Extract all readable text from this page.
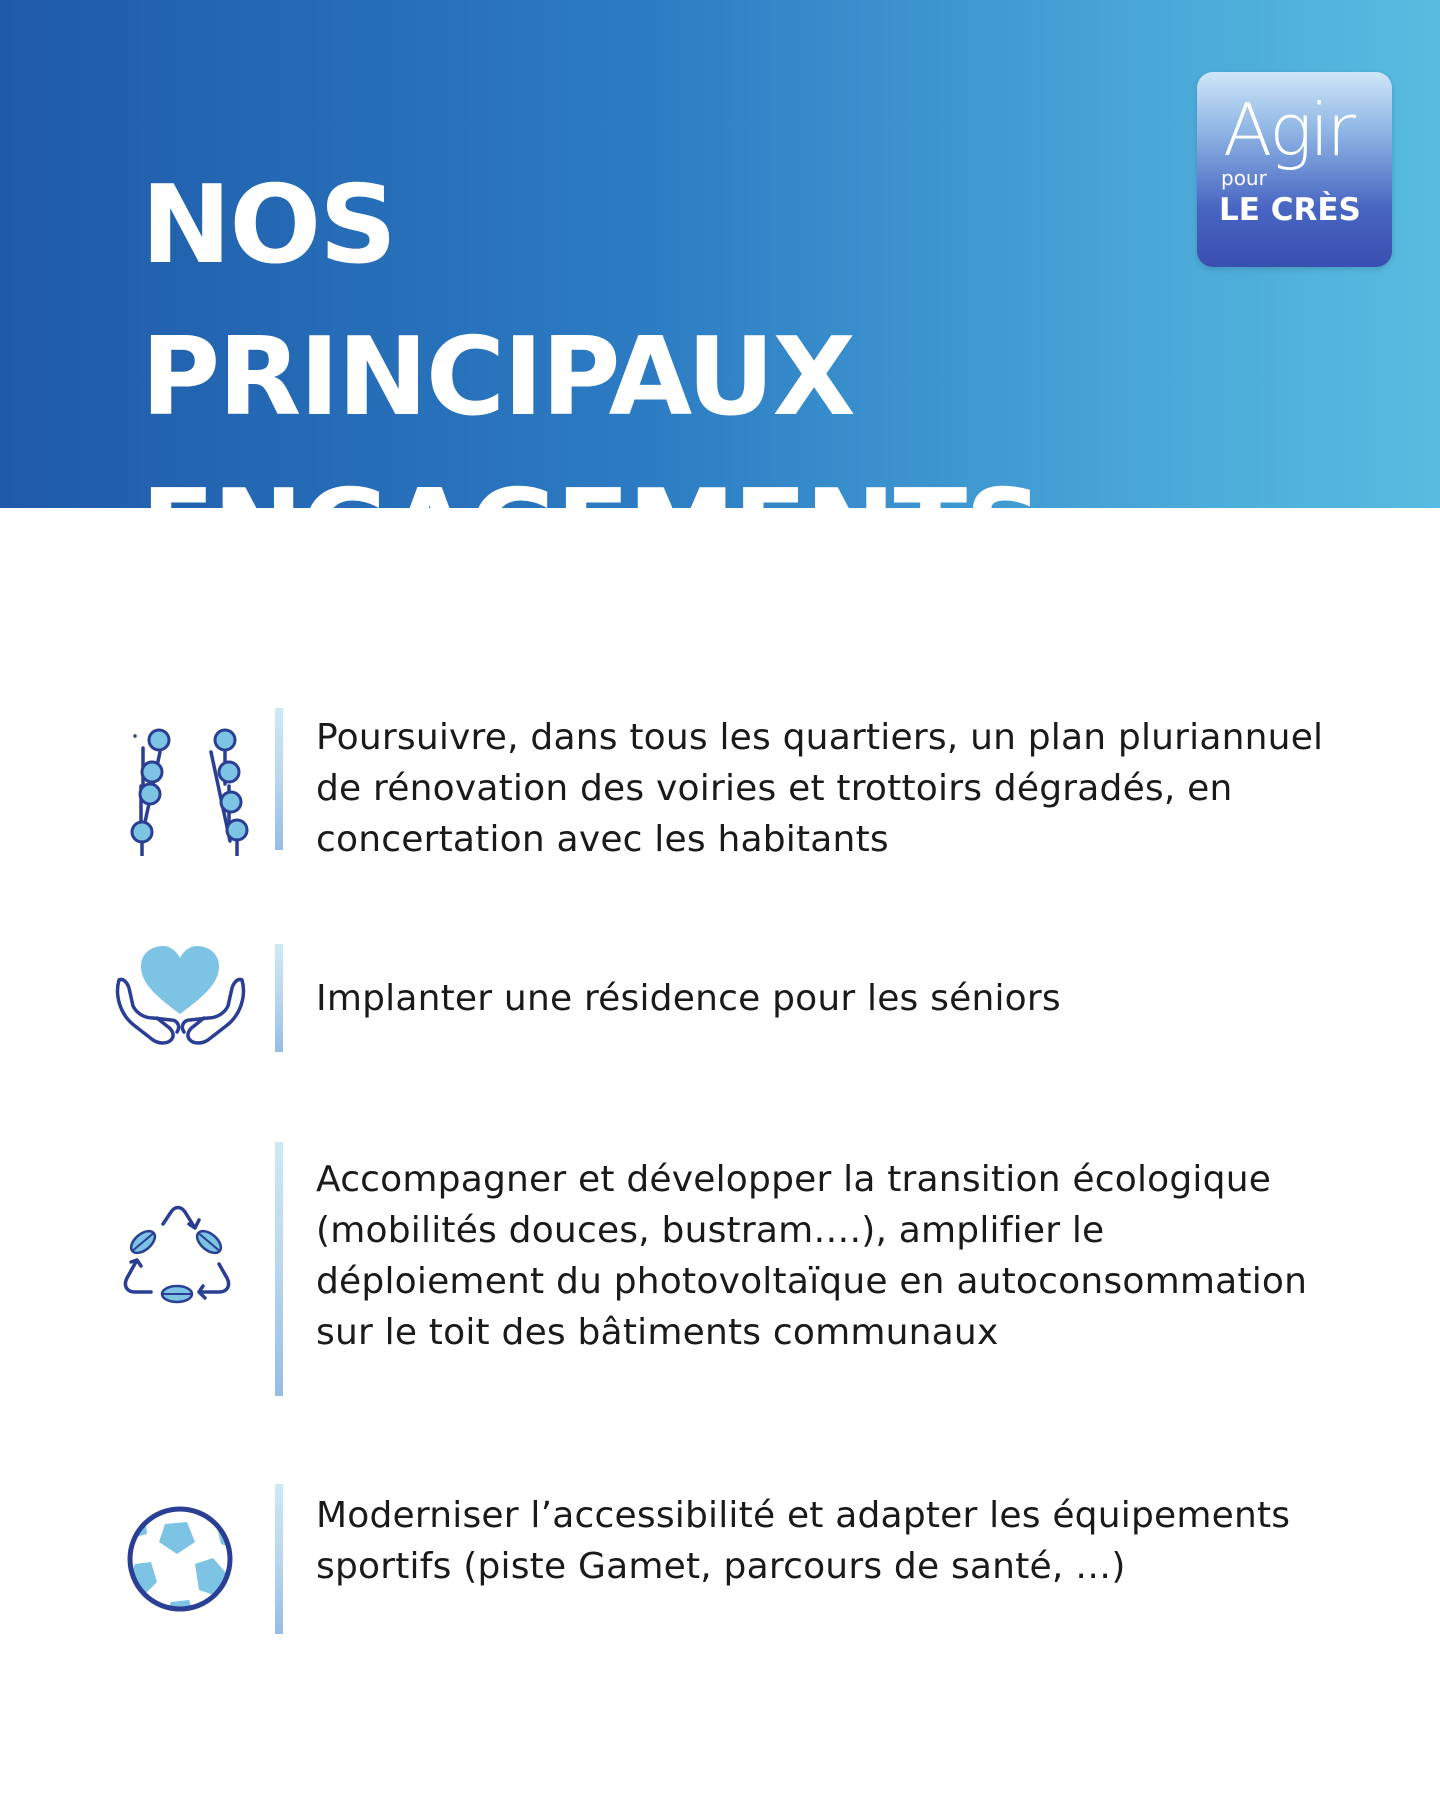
NOS PRINCIPAUX
ENGAGEMENTS
Agir
pour
LE CRÈS

Poursuivre, dans tous les quartiers, un plan pluriannuel de rénovation des voiries et trottoirs dégradés, en concertation avec les habitants

Implanter une résidence pour les séniors

Accompagner et développer la transition écologique (mobilités douces, bustram….), amplifier le déploiement du photovoltaïque en autoconsommation sur le toit des bâtiments communaux

Moderniser l’accessibilité et adapter les équipements sportifs (piste Gamet, parcours de santé, …)
